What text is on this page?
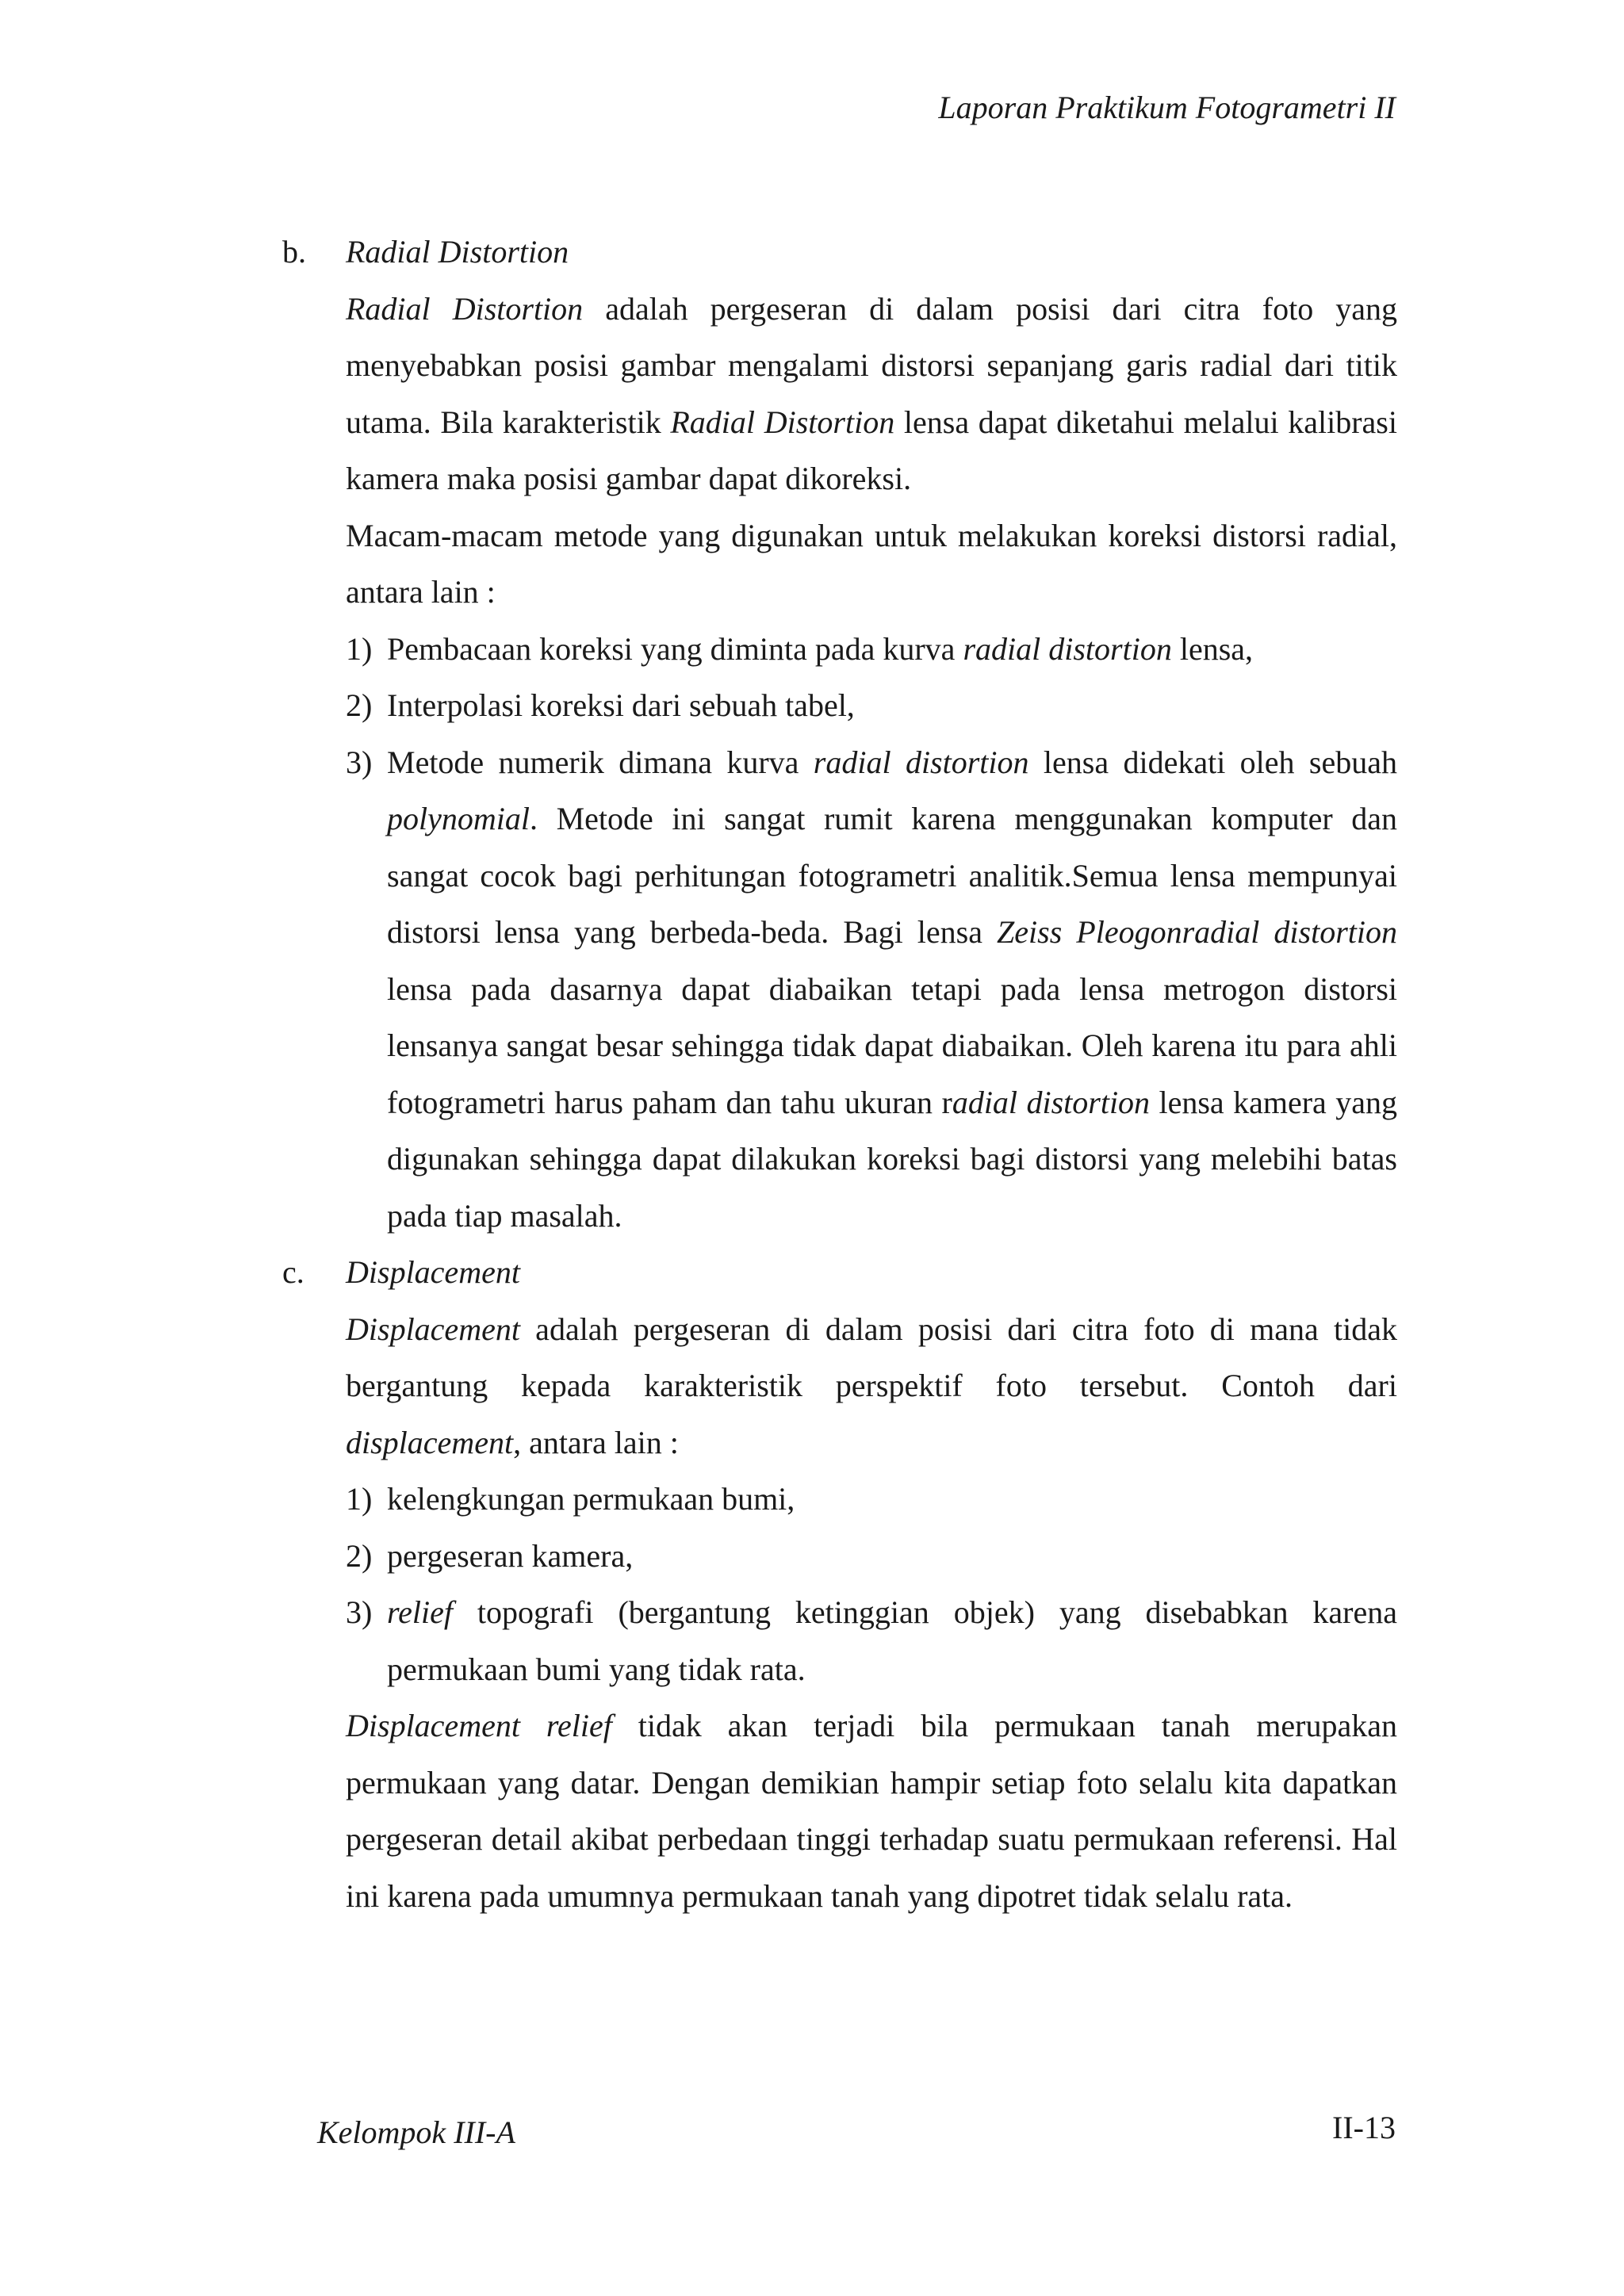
Laporan Praktikum Fotogrametri II
b. Radial Distortion

Radial Distortion adalah pergeseran di dalam posisi dari citra foto yang menyebabkan posisi gambar mengalami distorsi sepanjang garis radial dari titik utama. Bila karakteristik Radial Distortion lensa dapat diketahui melalui kalibrasi kamera maka posisi gambar dapat dikoreksi.

Macam-macam metode yang digunakan untuk melakukan koreksi distorsi radial, antara lain :

1) Pembacaan koreksi yang diminta pada kurva radial distortion lensa,
2) Interpolasi koreksi dari sebuah tabel,
3) Metode numerik dimana kurva radial distortion lensa didekati oleh sebuah polynomial. Metode ini sangat rumit karena menggunakan komputer dan sangat cocok bagi perhitungan fotogrametri analitik.Semua lensa mempunyai distorsi lensa yang berbeda-beda. Bagi lensa Zeiss Pleogonradial distortion lensa pada dasarnya dapat diabaikan tetapi pada lensa metrogon distorsi lensanya sangat besar sehingga tidak dapat diabaikan. Oleh karena itu para ahli fotogrametri harus paham dan tahu ukuran radial distortion lensa kamera yang digunakan sehingga dapat dilakukan koreksi bagi distorsi yang melebihi batas pada tiap masalah.
c. Displacement

Displacement adalah pergeseran di dalam posisi dari citra foto di mana tidak bergantung kepada karakteristik perspektif foto tersebut. Contoh dari displacement, antara lain :

1) kelengkungan permukaan bumi,
2) pergeseran kamera,
3) relief topografi (bergantung ketinggian objek) yang disebabkan karena permukaan bumi yang tidak rata.

Displacement relief tidak akan terjadi bila permukaan tanah merupakan permukaan yang datar. Dengan demikian hampir setiap foto selalu kita dapatkan pergeseran detail akibat perbedaan tinggi terhadap suatu permukaan referensi. Hal ini karena pada umumnya permukaan tanah yang dipotret tidak selalu rata.

Kelompok III-A	II-13
